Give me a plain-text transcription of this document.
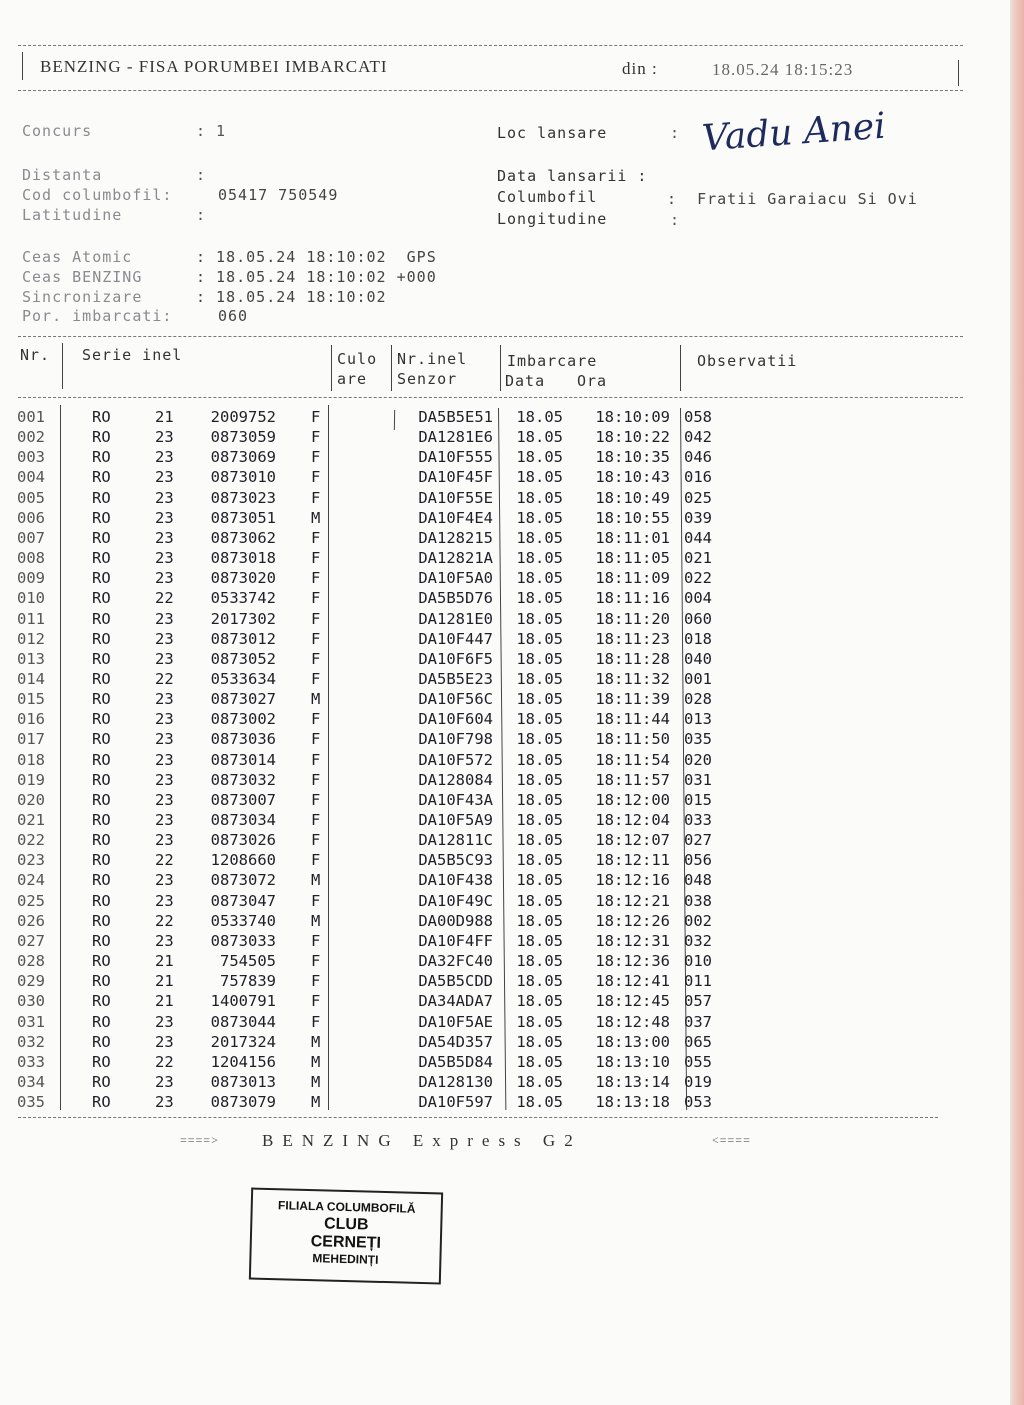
BENZING - FISA PORUMBEI IMBARCATI	din :	18.05.24 18:15:23
Concurs	: 1
Distanta	:
Cod columbofil:	05417 750549
Latitudine	:
Loc lansare	: Vadu Anei
Data lansarii :
Columbofil	:  Fratii Garaiacu Si Ovi
Longitudine	:
Ceas Atomic	: 18.05.24 18:10:02  GPS
Ceas BENZING	: 18.05.24 18:10:02 +000
Sincronizare	: 18.05.24 18:10:02
Por. imbarcati:	060
Nr. Serie inel	Culo
are
Nr.inel
Senzor
Imbarcare
Data Ora
Observatii
001	RO	21	2009752 F	DA5B5E51	18.05	18:10:09 058
002	RO	23	0873059 F	DA1281E6	18.05	18:10:22 042
003	RO	23	0873069 F	DA10F555	18.05	18:10:35 046
004	RO	23	0873010 F	DA10F45F	18.05	18:10:43 016
005	RO	23	0873023 F	DA10F55E	18.05	18:10:49 025
006	RO	23	0873051 M	DA10F4E4	18.05	18:10:55 039
007	RO	23	0873062 F	DA128215	18.05	18:11:01 044
008	RO	23	0873018 F	DA12821A	18.05	18:11:05 021
009	RO	23	0873020 F	DA10F5A0	18.05	18:11:09 022
010	RO	22	0533742 F	DA5B5D76	18.05	18:11:16 004
011	RO	23	2017302 F	DA1281E0	18.05	18:11:20 060
012	RO	23	0873012 F	DA10F447	18.05	18:11:23 018
013	RO	23	0873052 F	DA10F6F5	18.05	18:11:28 040
014	RO	22	0533634 F	DA5B5E23	18.05	18:11:32 001
015	RO	23	0873027 M	DA10F56C	18.05	18:11:39 028
016	RO	23	0873002 F	DA10F604	18.05	18:11:44 013
017	RO	23	0873036 F	DA10F798	18.05	18:11:50 035
018	RO	23	0873014 F	DA10F572	18.05	18:11:54 020
019	RO	23	0873032 F	DA128084	18.05	18:11:57 031
020	RO	23	0873007 F	DA10F43A	18.05	18:12:00 015
021	RO	23	0873034 F	DA10F5A9	18.05	18:12:04 033
022	RO	23	0873026 F	DA12811C	18.05	18:12:07 027
023	RO	22	1208660 F	DA5B5C93	18.05	18:12:11 056
024	RO	23	0873072 M	DA10F438	18.05	18:12:16 048
025	RO	23	0873047 F	DA10F49C	18.05	18:12:21 038
026	RO	22	0533740 M	DA00D988	18.05	18:12:26 002
027	RO	23	0873033 F	DA10F4FF	18.05	18:12:31 032
028	RO	21	754505 F	DA32FC40	18.05	18:12:36 010
029	RO	21	757839 F	DA5B5CDD	18.05	18:12:41 011
030	RO	21	1400791 F	DA34ADA7	18.05	18:12:45 057
031	RO	23	0873044 F	DA10F5AE	18.05	18:12:48 037
032	RO	23	2017324 M	DA54D357	18.05	18:13:00 065
033	RO	22	1204156 M	DA5B5D84	18.05	18:13:10 055
034	RO	23	0873013 M	DA128130	18.05	18:13:14 019
035	RO	23	0873079 M	DA10F597	18.05	18:13:18 053
====>	BENZING Express G2	<====
FILIALA COLUMBOFILĂ
CLUB
CERNEȚI
MEHEDINȚI
